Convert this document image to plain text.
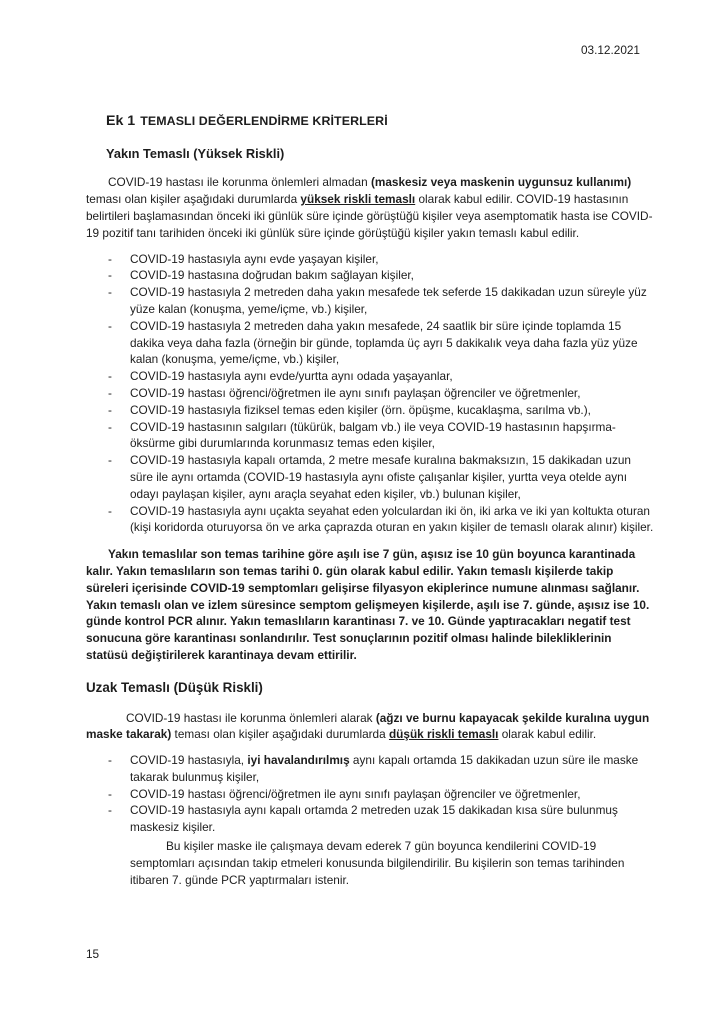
03.12.2021
Ek 1 TEMASLI DEĞERLENDİRME KRİTERLERİ
Yakın Temaslı (Yüksek Riskli)

COVID-19 hastası ile korunma önlemleri almadan (maskesiz veya maskenin uygunsuz kullanımı) teması olan kişiler aşağıdaki durumlarda yüksek riskli temaslı olarak kabul edilir. COVID-19 hastasının belirtileri başlamasından önceki iki günlük süre içinde görüştüğü kişiler veya asemptomatik hasta ise COVID-19 pozitif tanı tarihiden önceki iki günlük süre içinde görüştüğü kişiler yakın temaslı kabul edilir.

-	COVID-19 hastasıyla aynı evde yaşayan kişiler,
-	COVID-19 hastasına doğrudan bakım sağlayan kişiler,
-	COVID-19 hastasıyla 2 metreden daha yakın mesafede tek seferde 15 dakikadan uzun süreyle yüz yüze kalan (konuşma, yeme/içme, vb.) kişiler,
-	COVID-19 hastasıyla 2 metreden daha yakın mesafede, 24 saatlik bir süre içinde toplamda 15 dakika veya daha fazla (örneğin bir günde, toplamda üç ayrı 5 dakikalık veya daha fazla yüz yüze kalan (konuşma, yeme/içme, vb.) kişiler,
-	COVID-19 hastasıyla aynı evde/yurtta aynı odada yaşayanlar,
-	COVID-19 hastası öğrenci/öğretmen ile aynı sınıfı paylaşan öğrenciler ve öğretmenler,
-	COVID-19 hastasıyla fiziksel temas eden kişiler (örn. öpüşme, kucaklaşma, sarılma vb.),
-	COVID-19 hastasının salgıları (tükürük, balgam vb.) ile veya COVID-19 hastasının hapşırma-öksürme gibi durumlarında korunmasız temas eden kişiler,
-	COVID-19 hastasıyla kapalı ortamda, 2 metre mesafe kuralına bakmaksızın, 15 dakikadan uzun süre ile aynı ortamda (COVID-19 hastasıyla aynı ofiste çalışanlar kişiler, yurtta veya otelde aynı odayı paylaşan kişiler, aynı araçla seyahat eden kişiler, vb.) bulunan kişiler,
-	COVID-19 hastasıyla aynı uçakta seyahat eden yolculardan iki ön, iki arka ve iki yan koltukta oturan (kişi koridorda oturuyorsa ön ve arka çaprazda oturan en yakın kişiler de temaslı olarak alınır) kişiler.

Yakın temaslılar son temas tarihine göre aşılı ise 7 gün, aşısız ise 10 gün boyunca karantinada kalır. Yakın temaslıların son temas tarihi 0. gün olarak kabul edilir. Yakın temaslı kişilerde takip süreleri içerisinde COVID-19 semptomları gelişirse filyasyon ekiplerince numune alınması sağlanır. Yakın temaslı olan ve izlem süresince semptom gelişmeyen kişilerde, aşılı ise 7. günde, aşısız ise 10. günde kontrol PCR alınır. Yakın temaslıların karantinası 7. ve 10. Günde yaptıracakları negatif test sonucuna göre karantinası sonlandırılır. Test sonuçlarının pozitif olması halinde bilekliklerinin statüsü değiştirilerek karantinaya devam ettirilir.

Uzak Temaslı (Düşük Riskli)

COVID-19 hastası ile korunma önlemleri alarak (ağzı ve burnu kapayacak şekilde kuralına uygun maske takarak) teması olan kişiler aşağıdaki durumlarda düşük riskli temaslı olarak kabul edilir.

-	COVID-19 hastasıyla, iyi havalandırılmış aynı kapalı ortamda 15 dakikadan uzun süre ile maske takarak bulunmuş kişiler,
-	COVID-19 hastası öğrenci/öğretmen ile aynı sınıfı paylaşan öğrenciler ve öğretmenler,
-	COVID-19 hastasıyla aynı kapalı ortamda 2 metreden uzak 15 dakikadan kısa süre bulunmuş maskesiz kişiler.

Bu kişiler maske ile çalışmaya devam ederek 7 gün boyunca kendilerini COVID-19 semptomları açısından takip etmeleri konusunda bilgilendirilir. Bu kişilerin son temas tarihinden itibaren 7. günde PCR yaptırmaları istenir.

15
